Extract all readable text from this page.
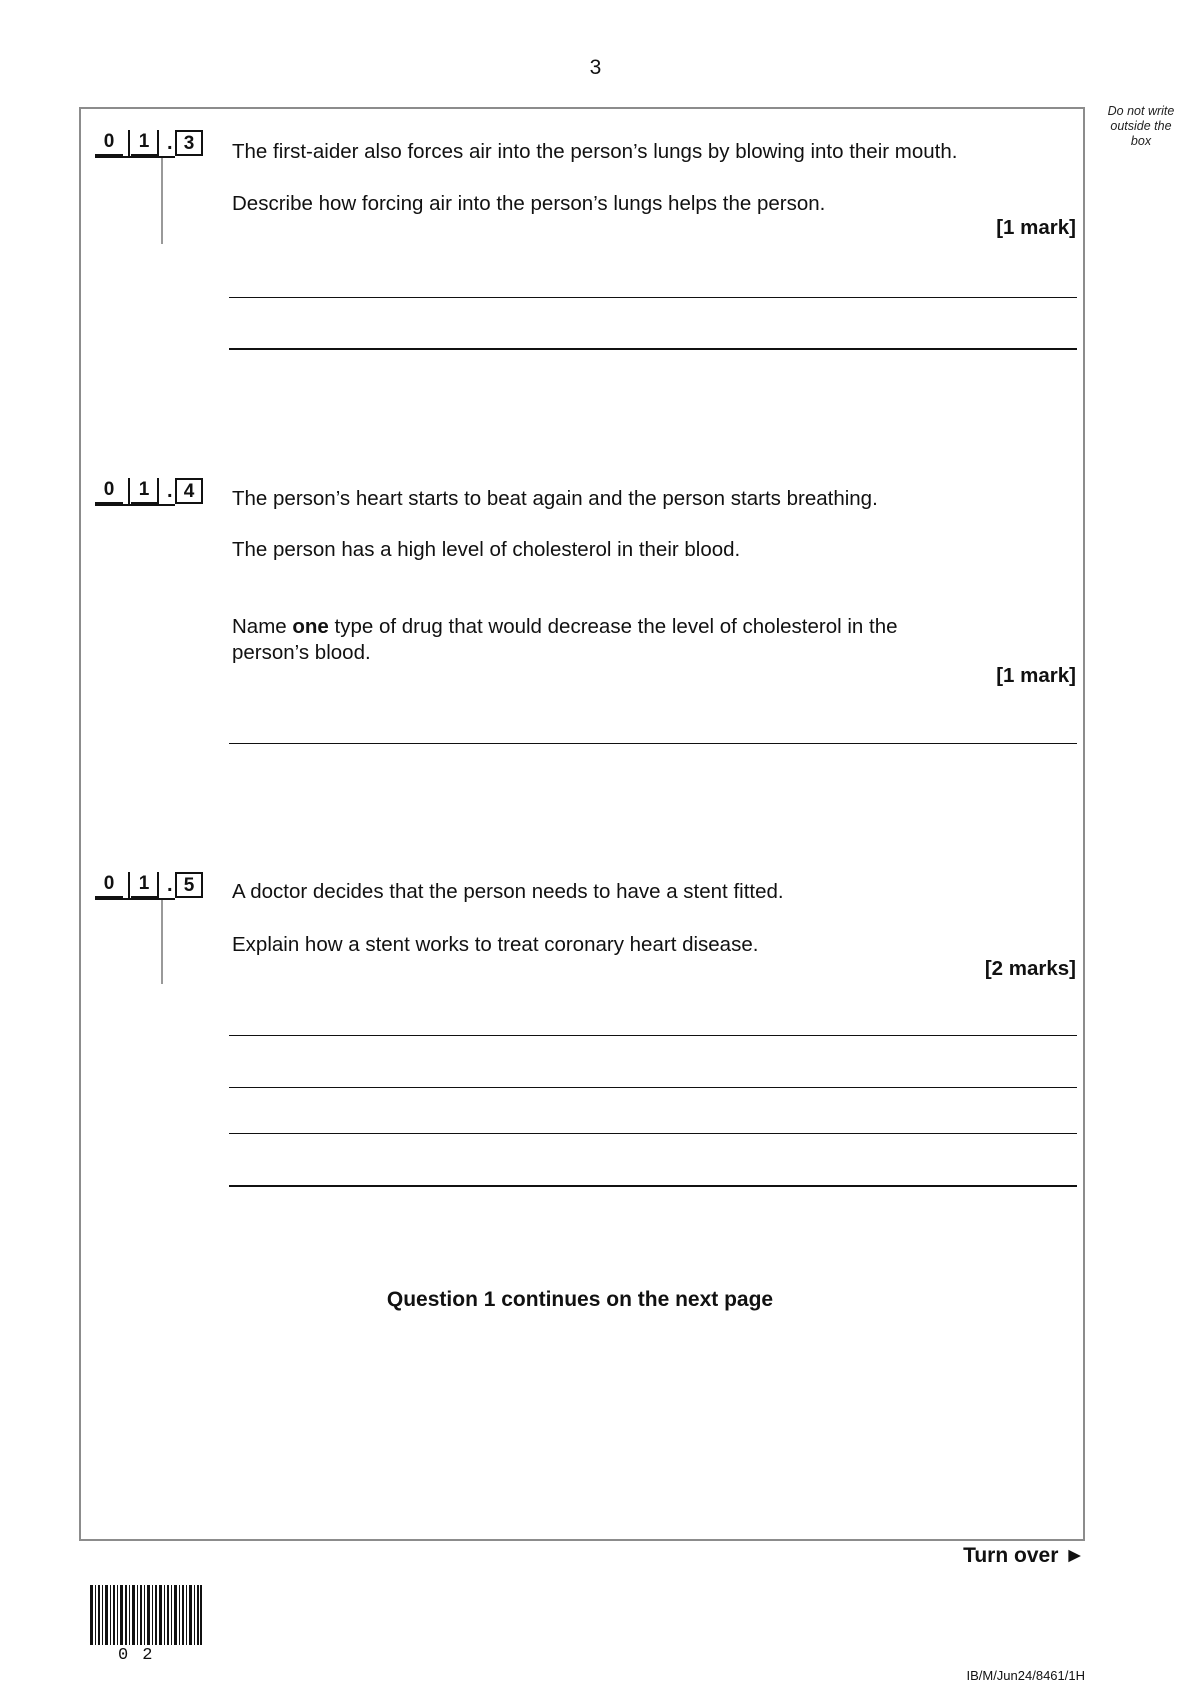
3
Do not write
outside the
box
0	1 . 3	The first-aider also forces air into the person’s lungs by blowing into their mouth.
Describe how forcing air into the person’s lungs helps the person.
[1 mark]
0	1 . 4	The person’s heart starts to beat again and the person starts breathing.
The person has a high level of cholesterol in their blood.
Name one type of drug that would decrease the level of cholesterol in the
person’s blood.
[1 mark]
0	1 . 5	A doctor decides that the person needs to have a stent fitted.
Explain how a stent works to treat coronary heart disease.
[2 marks]
Question 1 continues on the next page
Turn over ►
02
IB/M/Jun24/8461/1H
